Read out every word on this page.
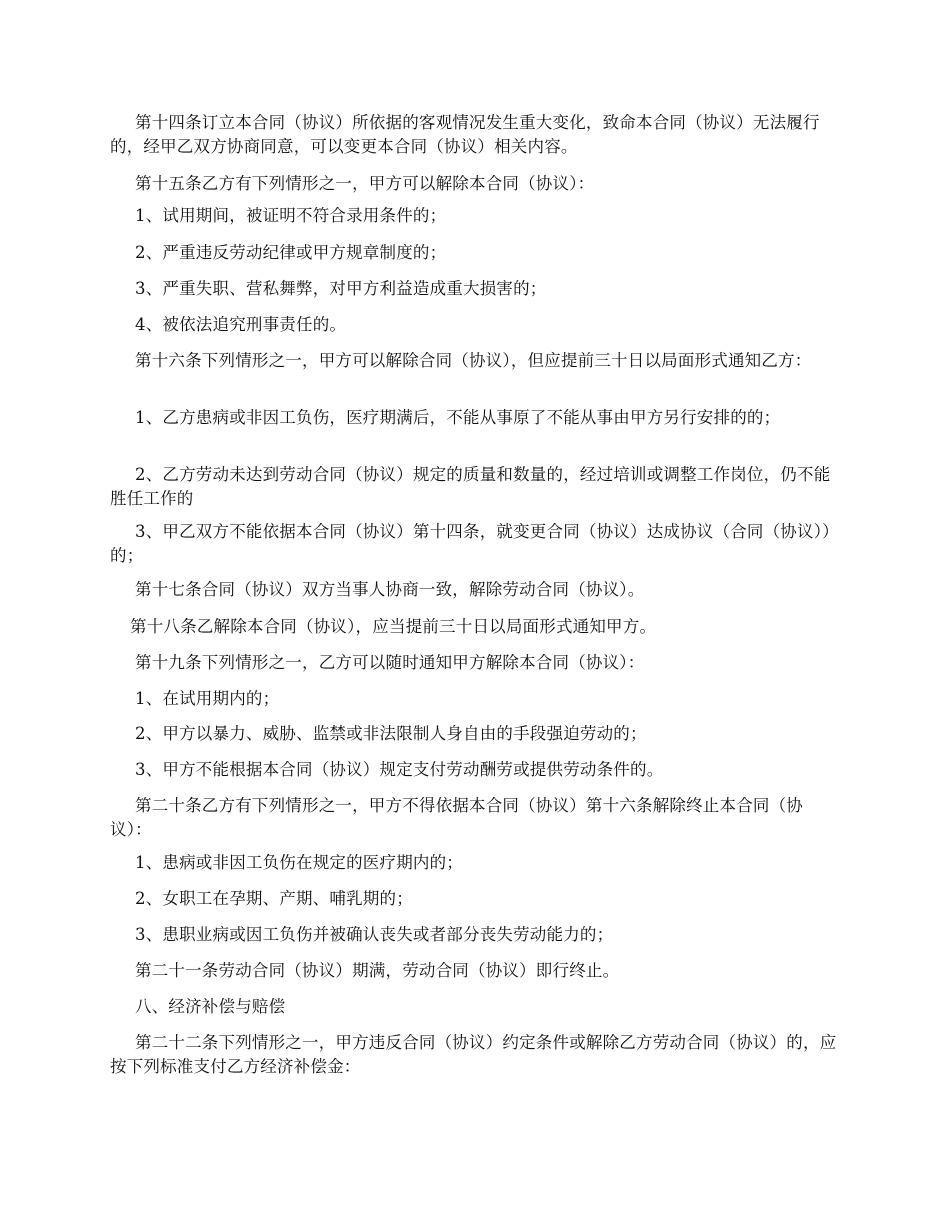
第十四条订立本合同（协议）所依据的客观情况发生重大变化，致命本合同（协议）无法履行的，经甲乙双方协商同意，可以变更本合同（协议）相关内容。

第十五条乙方有下列情形之一，甲方可以解除本合同（协议）：

1、试用期间，被证明不符合录用条件的；

2、严重违反劳动纪律或甲方规章制度的；

3、严重失职、营私舞弊，对甲方利益造成重大损害的；

4、被依法追究刑事责任的。

第十六条下列情形之一，甲方可以解除合同（协议），但应提前三十日以局面形式通知乙方：

1、乙方患病或非因工负伤，医疗期满后，不能从事原了不能从事由甲方另行安排的的；

2、乙方劳动未达到劳动合同（协议）规定的质量和数量的，经过培训或调整工作岗位，仍不能胜任工作的

3、甲乙双方不能依据本合同（协议）第十四条，就变更合同（协议）达成协议（合同（协议））的；

第十七条合同（协议）双方当事人协商一致，解除劳动合同（协议）。

第十八条乙解除本合同（协议），应当提前三十日以局面形式通知甲方。

第十九条下列情形之一，乙方可以随时通知甲方解除本合同（协议）：

1、在试用期内的；

2、甲方以暴力、威胁、监禁或非法限制人身自由的手段强迫劳动的；

3、甲方不能根据本合同（协议）规定支付劳动酬劳或提供劳动条件的。

第二十条乙方有下列情形之一，甲方不得依据本合同（协议）第十六条解除终止本合同（协议）：

1、患病或非因工负伤在规定的医疗期内的；

2、女职工在孕期、产期、哺乳期的；

3、患职业病或因工负伤并被确认丧失或者部分丧失劳动能力的；

第二十一条劳动合同（协议）期满，劳动合同（协议）即行终止。

八、经济补偿与赔偿

第二十二条下列情形之一，甲方违反合同（协议）约定条件或解除乙方劳动合同（协议）的，应按下列标准支付乙方经济补偿金：
